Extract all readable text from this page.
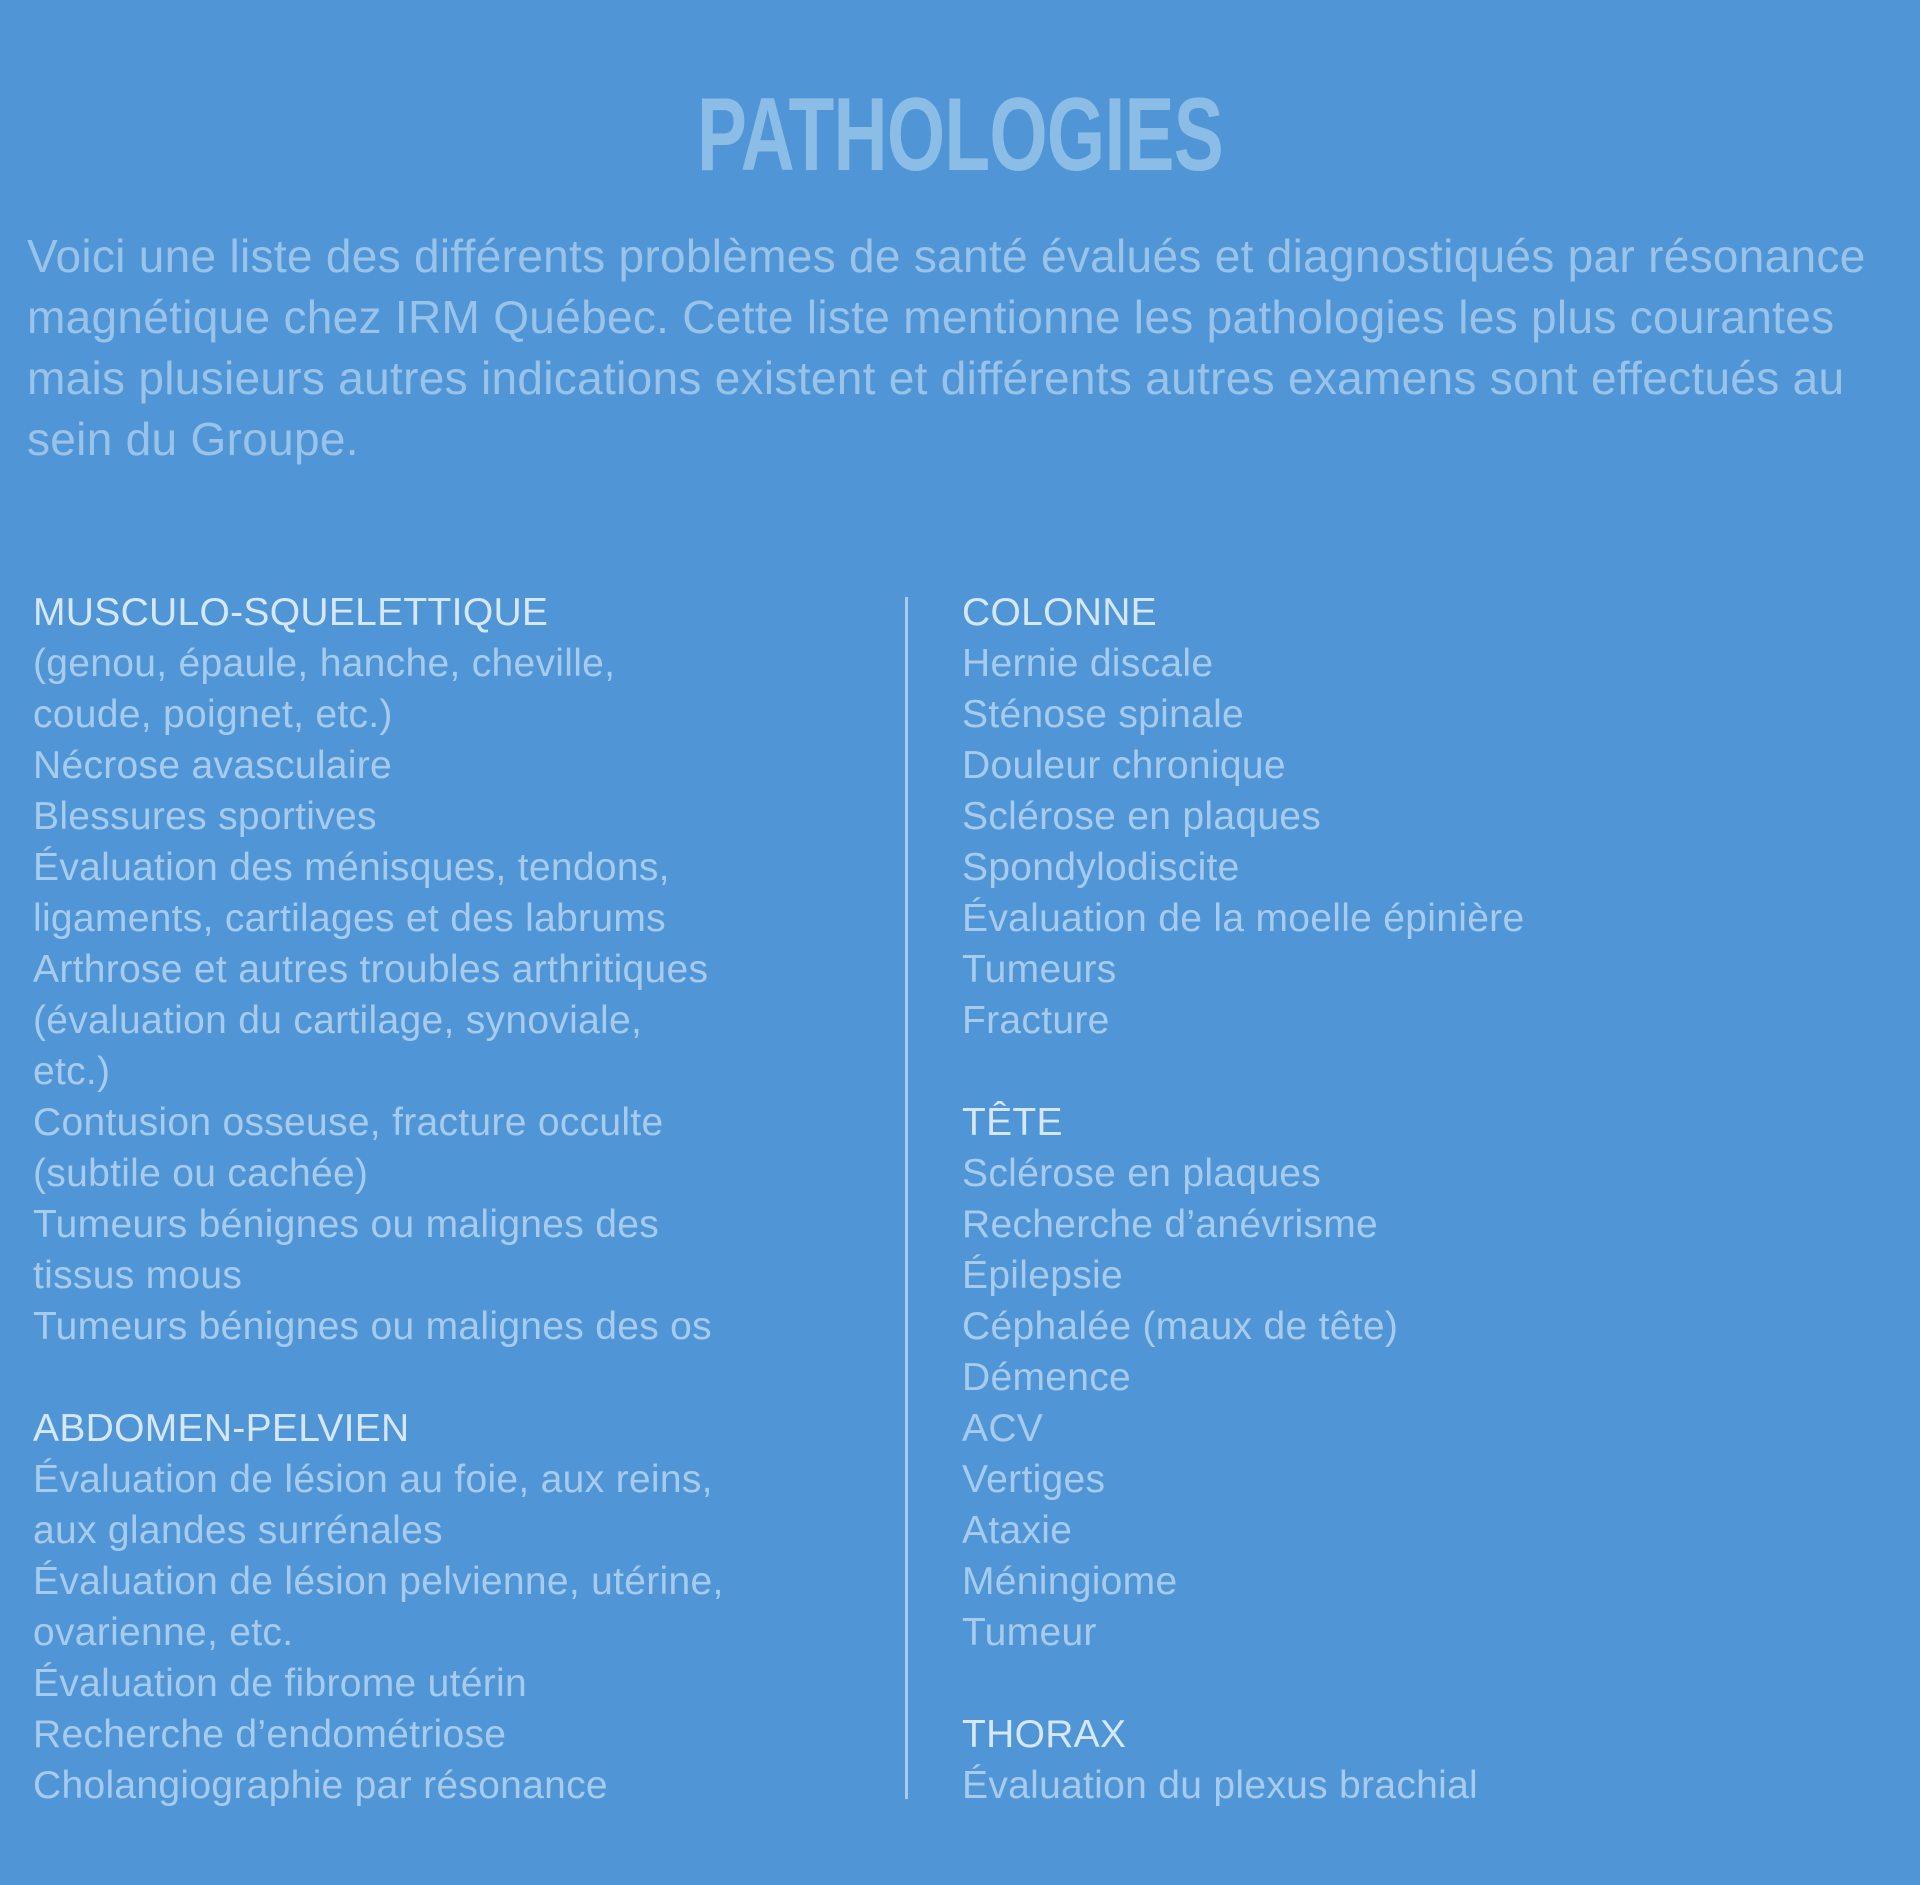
PATHOLOGIES

Voici une liste des différents problèmes de santé évalués et diagnostiqués par résonance magnétique chez IRM Québec. Cette liste mentionne les pathologies les plus courantes mais plusieurs autres indications existent et différents autres examens sont effectués au sein du Groupe.

MUSCULO-SQUELETTIQUE
(genou, épaule, hanche, cheville,
coude, poignet, etc.)
Nécrose avasculaire
Blessures sportives
Évaluation des ménisques, tendons,
ligaments, cartilages et des labrums
Arthrose et autres troubles arthritiques
(évaluation du cartilage, synoviale,
etc.)
Contusion osseuse, fracture occulte
(subtile ou cachée)
Tumeurs bénignes ou malignes des
tissus mous
Tumeurs bénignes ou malignes des os
ABDOMEN-PELVIEN
Évaluation de lésion au foie, aux reins,
aux glandes surrénales
Évaluation de lésion pelvienne, utérine,
ovarienne, etc.
Évaluation de fibrome utérin
Recherche d’endométriose
Cholangiographie par résonance
COLONNE
Hernie discale
Sténose spinale
Douleur chronique
Sclérose en plaques
Spondylodiscite
Évaluation de la moelle épinière
Tumeurs
Fracture
TÊTE
Sclérose en plaques
Recherche d’anévrisme
Épilepsie
Céphalée (maux de tête)
Démence
ACV
Vertiges
Ataxie
Méningiome
Tumeur
THORAX
Évaluation du plexus brachial
